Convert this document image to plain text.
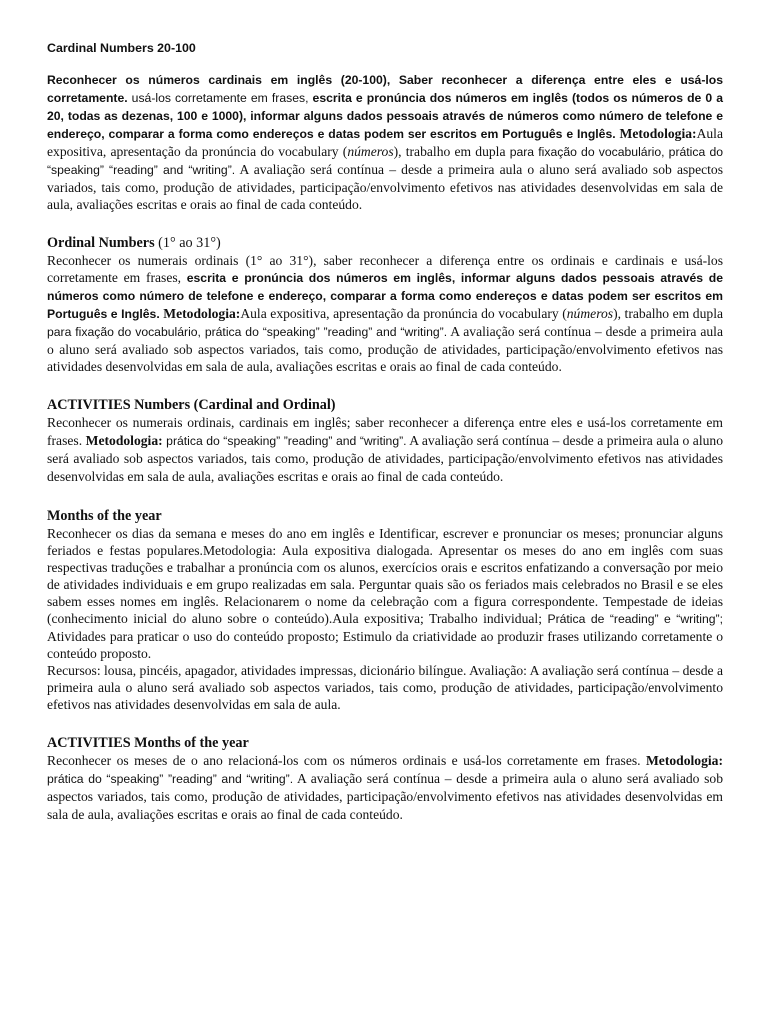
Cardinal Numbers 20-100

Reconhecer os números cardinais em inglês (20-100), Saber reconhecer a diferença entre eles e usá-los corretamente. usá-los corretamente em frases, escrita e pronúncia dos números em inglês (todos os números de 0 a 20, todas as dezenas, 100 e 1000), informar alguns dados pessoais através de números como número de telefone e endereço, comparar a forma como endereços e datas podem ser escritos em Português e Inglês. Metodologia:Aula expositiva, apresentação da pronúncia do vocabulary (números), trabalho em dupla para fixação do vocabulário, prática do “speaking” “reading” and “writing”. A avaliação será contínua – desde a primeira aula o aluno será avaliado sob aspectos variados, tais como, produção de atividades, participação/envolvimento efetivos nas atividades desenvolvidas em sala de aula, avaliações escritas e orais ao final de cada conteúdo.

Ordinal Numbers (1° ao 31°)

Reconhecer os numerais ordinais (1° ao 31°), saber reconhecer a diferença entre os ordinais e cardinais e usá-los corretamente em frases, escrita e pronúncia dos números em inglês, informar alguns dados pessoais através de números como número de telefone e endereço, comparar a forma como endereços e datas podem ser escritos em Português e Inglês. Metodologia:Aula expositiva, apresentação da pronúncia do vocabulary (números), trabalho em dupla para fixação do vocabulário, prática do “speaking” ”reading” and “writing”. A avaliação será contínua – desde a primeira aula o aluno será avaliado sob aspectos variados, tais como, produção de atividades, participação/envolvimento efetivos nas atividades desenvolvidas em sala de aula, avaliações escritas e orais ao final de cada conteúdo.

ACTIVITIES Numbers (Cardinal and Ordinal)

Reconhecer os numerais ordinais, cardinais em inglês; saber reconhecer a diferença entre eles e usá-los corretamente em frases. Metodologia: prática do “speaking” ”reading” and “writing”. A avaliação será contínua – desde a primeira aula o aluno será avaliado sob aspectos variados, tais como, produção de atividades, participação/envolvimento efetivos nas atividades desenvolvidas em sala de aula, avaliações escritas e orais ao final de cada conteúdo.

Months of the year

Reconhecer os dias da semana e meses do ano em inglês e Identificar, escrever e pronunciar os meses; pronunciar alguns feriados e festas populares.Metodologia: Aula expositiva dialogada. Apresentar os meses do ano em inglês com suas respectivas traduções e trabalhar a pronúncia com os alunos, exercícios orais e escritos enfatizando a conversação por meio de atividades individuais e em grupo realizadas em sala. Perguntar quais são os feriados mais celebrados no Brasil e se eles sabem esses nomes em inglês. Relacionarem o nome da celebração com a figura correspondente. Tempestade de ideias (conhecimento inicial do aluno sobre o conteúdo).Aula expositiva; Trabalho individual; Prática de “reading” e “writing”; Atividades para praticar o uso do conteúdo proposto; Estimulo da criatividade ao produzir frases utilizando corretamente o conteúdo proposto.

Recursos: lousa, pincéis, apagador, atividades impressas, dicionário bilíngue. Avaliação: A avaliação será contínua – desde a primeira aula o aluno será avaliado sob aspectos variados, tais como, produção de atividades, participação/envolvimento efetivos nas atividades desenvolvidas em sala de aula.

ACTIVITIES Months of the year

Reconhecer os meses de o ano relacioná-los com os números ordinais e usá-los corretamente em frases. Metodologia: prática do “speaking” ”reading” and “writing”. A avaliação será contínua – desde a primeira aula o aluno será avaliado sob aspectos variados, tais como, produção de atividades, participação/envolvimento efetivos nas atividades desenvolvidas em sala de aula, avaliações escritas e orais ao final de cada conteúdo.
